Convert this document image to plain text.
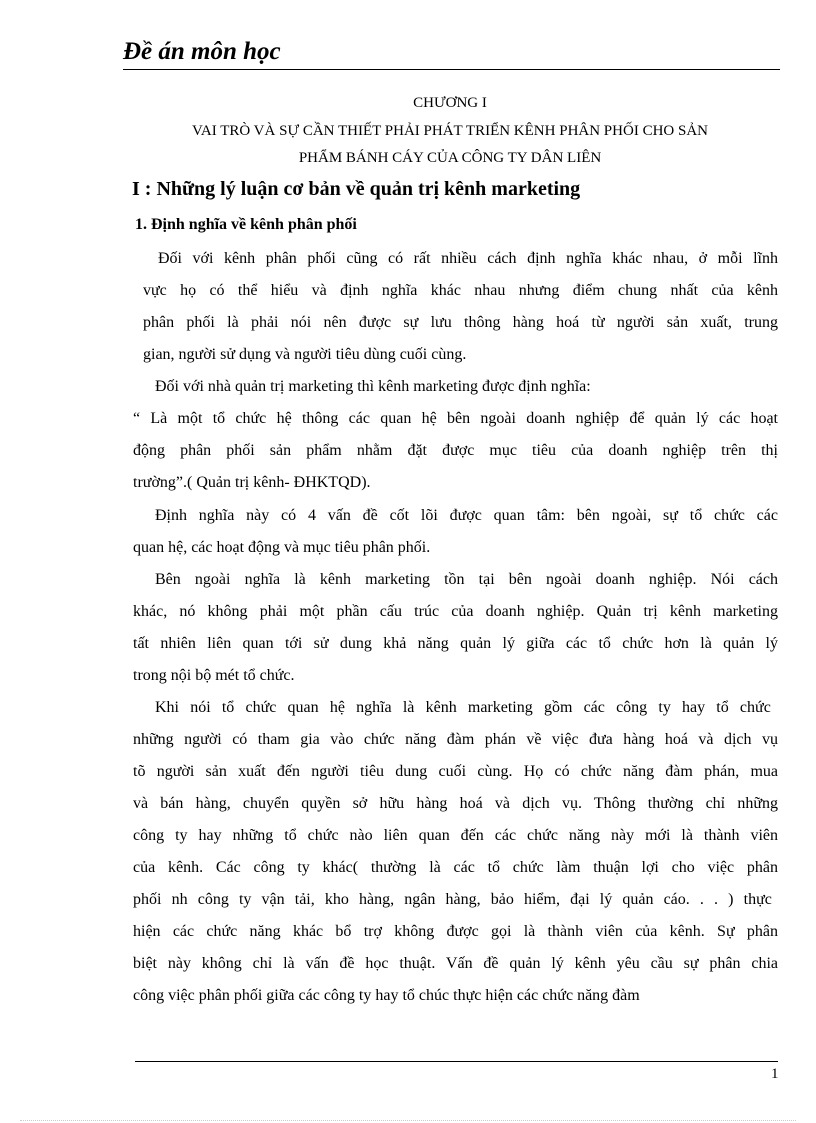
Đề án môn học
CHƯƠNG I
VAI TRÒ VÀ SỰ CẦN THIẾT PHẢI PHÁT TRIỂN KÊNH PHÂN PHỐI CHO SẢN
PHẨM BÁNH CÁY CỦA CÔNG TY DÂN LIÊN
I : Những lý luận cơ bản về quản trị kênh marketing
1. Định nghĩa về kênh phân phối
Đối với kênh phân phối cũng có rất nhiều cách định nghĩa khác nhau, ở mỗi lĩnh
vực họ có thể hiểu và định nghĩa khác nhau nhưng điểm chung nhất của kênh
phân phối là phải nói nên được sự lưu thông hàng hoá từ người sản xuất, trung
gian, người sử dụng và người tiêu dùng cuối cùng.
Đối với nhà quản trị marketing thì kênh marketing được định nghĩa:
“ Là một tổ chức hệ thông các quan hệ bên ngoài doanh nghiệp để quản lý các hoạt
động phân phối sản phẩm nhằm đặt được mục tiêu của doanh nghiệp trên thị
trường”.( Quản trị kênh- ĐHKTQD).
Định nghĩa này có 4 vấn đề cốt lõi được quan tâm: bên ngoài, sự tổ chức các
quan hệ, các hoạt động và mục tiêu phân phối.
Bên ngoài nghĩa là kênh marketing tồn tại bên ngoài doanh nghiệp. Nói cách
khác, nó không phải một phần cấu trúc của doanh nghiệp. Quản trị kênh marketing
tất nhiên liên quan tới sử dung khả năng quản lý giữa các tổ chức hơn là quản lý
trong nội bộ mét tổ chức.
Khi nói tổ chức quan hệ nghĩa là kênh marketing gồm các công ty hay tổ chức
những người có tham gia vào chức năng đàm phán về việc đưa hàng hoá và dịch vụ
tõ người sản xuất đến người tiêu dung cuối cùng. Họ có chức năng đàm phán, mua
và bán hàng, chuyển quyền sở hữu hàng hoá và dịch vụ. Thông thường chỉ những
công ty hay những tổ chức nào liên quan đến các chức năng này mới là thành viên
của kênh. Các công ty khác( thường là các tổ chức làm thuận lợi cho việc phân
phối nh công ty vận tải, kho hàng, ngân hàng, bảo hiểm, đại lý quản cáo. . . ) thực
hiện các chức năng khác bổ trợ không được gọi là thành viên của kênh. Sự phân
biệt này không chỉ là vấn đề học thuật. Vấn đề quản lý kênh yêu cầu sự phân chia
công việc phân phối giữa các công ty hay tổ chúc thực hiện các chức năng đàm
1
